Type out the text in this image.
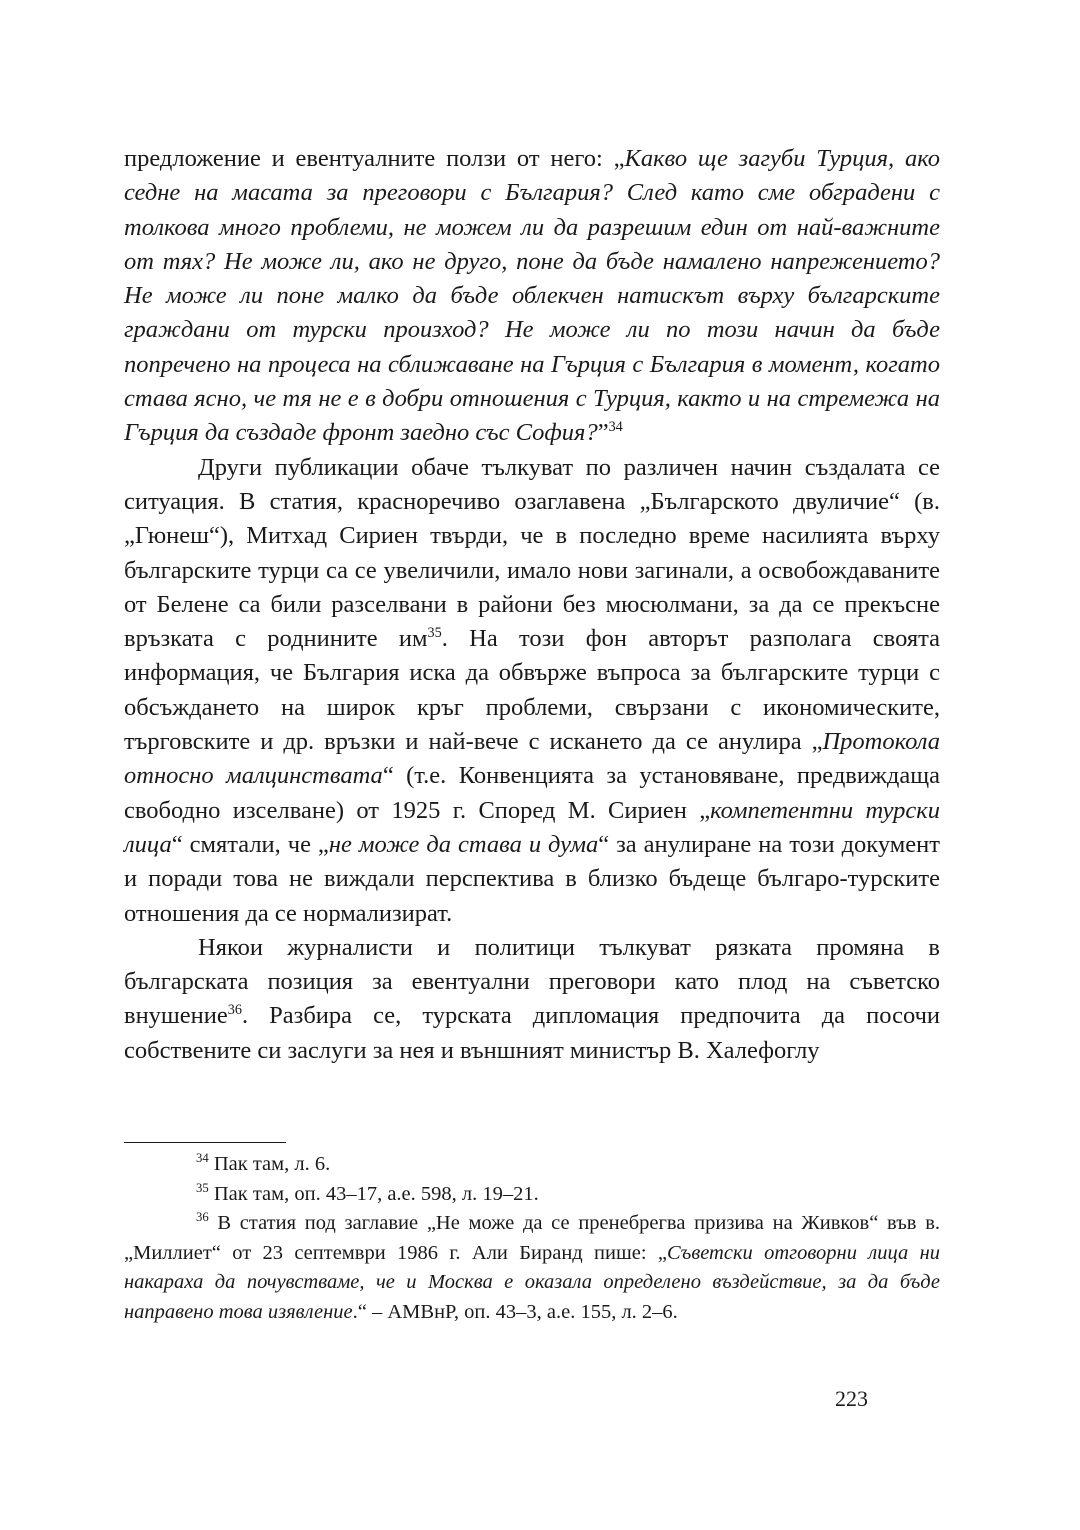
предложение и евентуалните ползи от него: „Какво ще загуби Турция, ако седне на масата за преговори с България? След като сме обградени с толкова много проблеми, не можем ли да разрешим един от най-важните от тях? Не може ли, ако не друго, поне да бъде намалено напрежението? Не може ли поне малко да бъде облекчен натискът върху българските граждани от турски произход? Не може ли по този начин да бъде попречено на процеса на сближаване на Гърция с България в момент, когато става ясно, че тя не е в добри отношения с Турция, както и на стремежа на Гърция да създаде фронт заедно със София?”$^{34}$

Други публикации обаче тълкуват по различен начин създалата се ситуация. В статия, красноречиво озаглавена „Българското двуличие“ (в. „Гюнеш“), Митхад Сириен твърди, че в последно време насилията върху българските турци са се увеличили, имало нови загинали, а освобождаваните от Белене са били разселвани в райони без мюсюлмани, за да се прекъсне връзката с роднините $им^{35}$. На този фон авторът разполага своята информация, че България иска да обвърже въпроса за българските турци с обсъждането на широк кръг проблеми, свързани с икономическите, търговските и др. връзки и най-вече с искането да се анулира „Протокола относно малцинствата“ (т.е. Конвенцията за установяване, предвиждаща свободно изселване) от 1925 г. Според М. Сириен „компетентни турски лица“ смятали, че „не може да става и дума“ за анулиране на този документ и поради това не виждали перспектива в близко бъдеще българо-турските отношения да се нормализират.

Някои журналисти и политици тълкуват рязката промяна в българската позиция за евентуални преговори като плод на съветско внушение$^{36}$. Разбира се, турската дипломация предпочита да посочи собствените си заслуги за нея и външният министър В. Халефоглу

$^{34}$ Пак там, л. 6.

$^{35}$ Пак там, оп. 43–17, а.е. 598, л. 19–21.

$^{36}$ В статия под заглавие „Не може да се пренебрегва призива на Живков“ във в. „Миллиет“ от 23 септември 1986 г. Али Биранд пише: „Съветски отговорни лица ни накараха да почувстваме, че и Москва е оказала определено въздействие, за да бъде направено това изявление.“ – АМВнР, оп. 43–3, а.е. 155, л. 2–6.

223
